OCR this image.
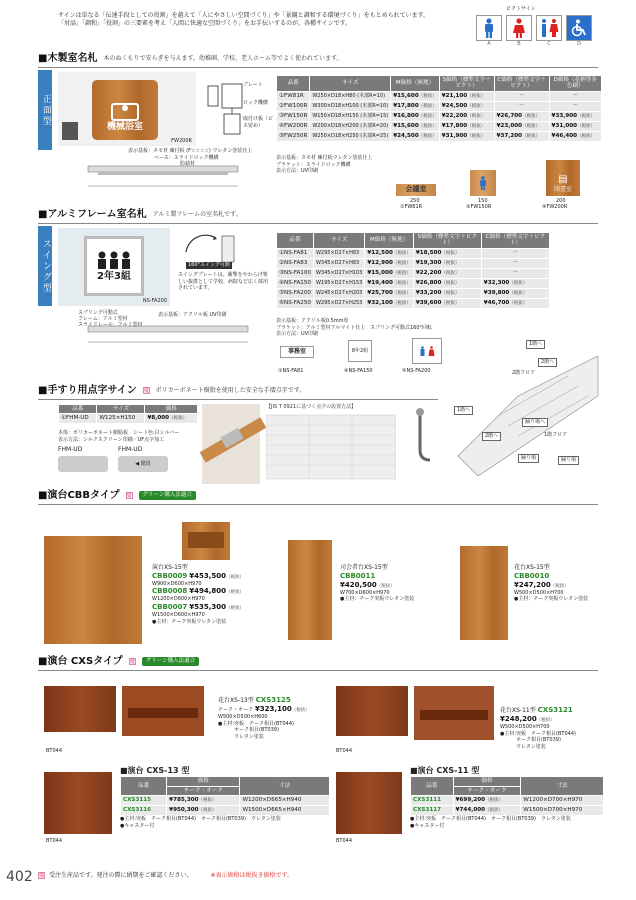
サインは単なる「伝達手段としての役割」を越えて「人にやさしい空間づくり」や「景観と調和する環境づくり」をもとめられています。
「対話」「調和」「役割」の三要素を考え「人間に快適な空間づくり」をお手伝いするのが、各種サインです。
ピクトサイン
A	B	C	D
■木製室名札 木のぬくもりで安らぎを与えます。幼稚園、学校、老人ホーム等でよく使われています。
正面型
機械浴室
FW200R
プレート
ロック機構
取付け板（ビス留め）
表示基板：タモ材 練付板 (F☆☆☆☆) ウレタン塗装仕上
ベース：スライドロック機構
防錆材
品番	サイズ	M価格（無地）	S価格（標準文字＋ピクト）	C価格（標準文字＋ピクト）	D価格（花柄等多色刷）
①FW81R	W250×D18×H80 (木部R=10)	¥15,600（税抜）	¥21,100（税抜）	－	－
②FW100R	W300×D18×H100 (木部R=10)	¥17,800（税抜）	¥24,500（税抜）	－	－
③FW150R	W150×D18×H150 (木部R=15)	¥16,800（税抜）	¥22,200（税抜）	¥26,700（税抜）	¥33,900（税抜）
④FW200R	W200×D18×H200 (木部R=20)	¥15,600（税抜）	¥17,800（税抜）	¥23,000（税抜）	¥31,000（税抜）
⑤FW250R	W250×D18×H250 (木部R=25)	¥24,500（税抜）	¥31,900（税抜）	¥37,200（税抜）	¥46,400（税抜）
表示基板：タモ材 練付板ウレタン塗装仕上
ブラケット：スライドロック機構
表示方法：UV印刷
会議室
250
①FW81R
150
③FW150R
▤
図書室
200
④FW200R
■アルミフレーム室名札 アルミ製フレームの室名札です。
スイング型	2年3組
NS-FA200
160°スイング可動
スイングプレートは、衝撃をやわらげ楽しい抜群として学校、病院など広く採用されています。
スプリング可動式
フレーム：アルミ型材
スライドレール：アルミ型材
表示基板：アクリル板 UV印刷
品番	サイズ	M価格（無地）	S価格（標準文字＋ピクト）	C価格（標準文字＋ピクト）
①NS-FA81	W295×D27×H83	¥12,500（税抜）	¥18,500（税抜）	－
②NS-FA83	W345×D27×H83	¥12,900（税抜）	¥19,300（税抜）	－
③NS-FA100	W345×D27×H103	¥15,000（税抜）	¥22,200（税抜）	－
④NS-FA150	W195×D27×H153	¥19,400（税抜）	¥26,800（税抜）	¥32,300（税抜）
⑤NS-FA200	W245×D27×H203	¥25,700（税抜）	¥33,200（税抜）	¥39,800（税抜）
⑥NS-FA250	W295×D27×H253	¥32,100（税抜）	¥39,600（税抜）	¥46,700（税抜）
表示基板：アクリル板0.5mm厚
ブラケット：アルミ型材アルマイト仕上　スプリング可動式160°回転
表示方法：UV印刷
事務室
①NS-FA81
8年2組
④NS-FA150	⑤NS-FA200
1階へ
2階へ
2階フロア
1階へ
2階へ
踊り場へ
1階フロア
踊り場	踊り場
■手すり用点字サイン 受 ポリカーボネート樹脂を使用した安全な手摺点字です。
品番	サイズ	価格
①FHM-UD	W125×H150	¥8,000（税抜）
本体：ポリカーボネート樹脂板　シート色:白シルバー
表示方法：シルクスクリーン印刷／UF点字加工
FHM-UD	FHM-UD
◀ 階段
【JIS T 0921に基づく点字の設置方法】
■演台CBBタイプ 受	グリーン購入法適合
演台XS-15型
CBB0009 ¥453,500（税抜）
W900×D600×H970
CBB0008 ¥494,800（税抜）
W1200×D600×H970
CBB0007 ¥535,300（税抜）
W1500×D600×H970
●主材：チーク突板ウレタン塗装
司会者台XS-15型
CBB0011
¥420,500（税抜）
W700×D600×H970
●主材：チーク突板ウレタン塗装
花台XS-15型
CBB0010
¥247,200（税抜）
W500×D500×H700
●主材：チーク突板ウレタン塗装
■演台 CXSタイプ 受	グリーン購入法適合
BT044
花台XS-13型 CXS3125
チーク・オーク ¥323,100（税抜）
W500×D500×H600
●主材:突板　チーク相目(BT044)
オーク相目(BT039)
ウレタン塗装
BT044
花台XS-11型 CXS3121
¥248,200（税抜）
W500×D500×H700
●主材:突板　チーク相目(BT044)
オーク相目(BT039)
ウレタン塗装
BT044
■演台 CXS-13 型
品番	価格	寸法
	チーク・オーク	
CXS3115	¥785,300（税抜）	W1200×D665×H940
CXS3116	¥950,300（税抜）	W1500×D665×H940
●主材:突板　チーク相目(BT044)　オーク相目(BT039)　ウレタン塗装
●キャスター付
BT044
■演台 CXS-11 型
品番	価格	寸法
	チーク・オーク	
CXS3111	¥699,200（税抜）	W1200×D700×H970
CXS3117	¥744,000（税抜）	W1500×D700×H970
●主材:突板　チーク相目(BT044)　オーク相目(BT039)　ウレタン塗装
●キャスター付
402 受 受注生産品です。発注の際に納期をご確認ください。	※表示価格は税抜き価格です。
